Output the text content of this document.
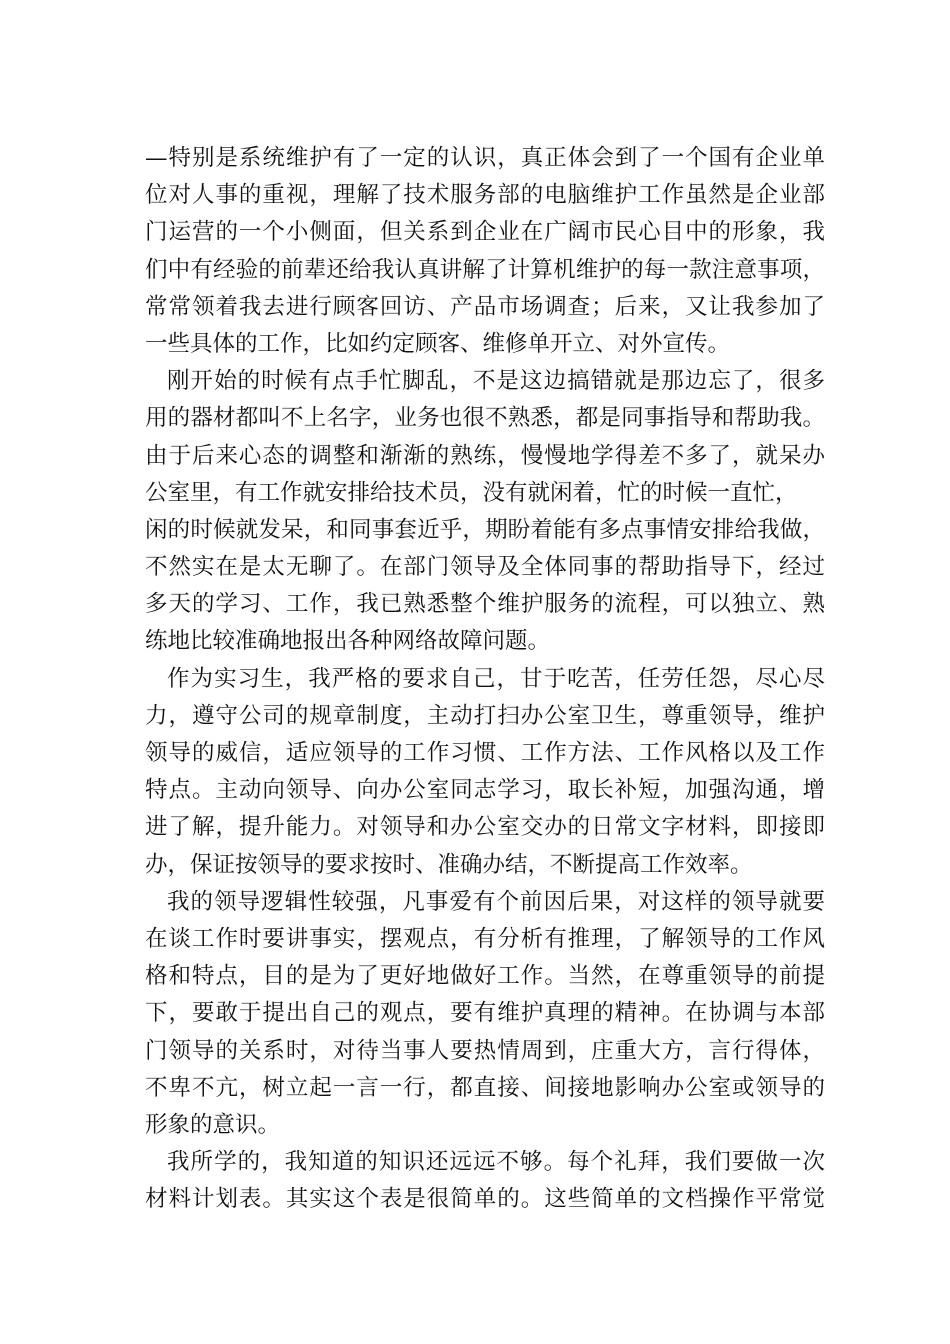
—特别是系统维护有了一定的认识，真正体会到了一个国有企业单
位对人事的重视，理解了技术服务部的电脑维护工作虽然是企业部
门运营的一个小侧面，但关系到企业在广阔市民心目中的形象，我
们中有经验的前辈还给我认真讲解了计算机维护的每一款注意事项，
常常领着我去进行顾客回访、产品市场调查；后来，又让我参加了
一些具体的工作，比如约定顾客、维修单开立、对外宣传。
刚开始的时候有点手忙脚乱，不是这边搞错就是那边忘了，很多
用的器材都叫不上名字，业务也很不熟悉，都是同事指导和帮助我。
由于后来心态的调整和渐渐的熟练，慢慢地学得差不多了，就呆办
公室里，有工作就安排给技术员，没有就闲着，忙的时候一直忙，
闲的时候就发呆，和同事套近乎，期盼着能有多点事情安排给我做，
不然实在是太无聊了。在部门领导及全体同事的帮助指导下，经过
多天的学习、工作，我已熟悉整个维护服务的流程，可以独立、熟
练地比较准确地报出各种网络故障问题。
作为实习生，我严格的要求自己，甘于吃苦，任劳任怨，尽心尽
力，遵守公司的规章制度，主动打扫办公室卫生，尊重领导，维护
领导的威信，适应领导的工作习惯、工作方法、工作风格以及工作
特点。主动向领导、向办公室同志学习，取长补短，加强沟通，增
进了解，提升能力。对领导和办公室交办的日常文字材料，即接即
办，保证按领导的要求按时、准确办结，不断提高工作效率。
我的领导逻辑性较强，凡事爱有个前因后果，对这样的领导就要
在谈工作时要讲事实，摆观点，有分析有推理，了解领导的工作风
格和特点，目的是为了更好地做好工作。当然，在尊重领导的前提
下，要敢于提出自己的观点，要有维护真理的精神。在协调与本部
门领导的关系时，对待当事人要热情周到，庄重大方，言行得体，
不卑不亢，树立起一言一行，都直接、间接地影响办公室或领导的
形象的意识。
我所学的，我知道的知识还远远不够。每个礼拜，我们要做一次
材料计划表。其实这个表是很简单的。这些简单的文档操作平常觉
